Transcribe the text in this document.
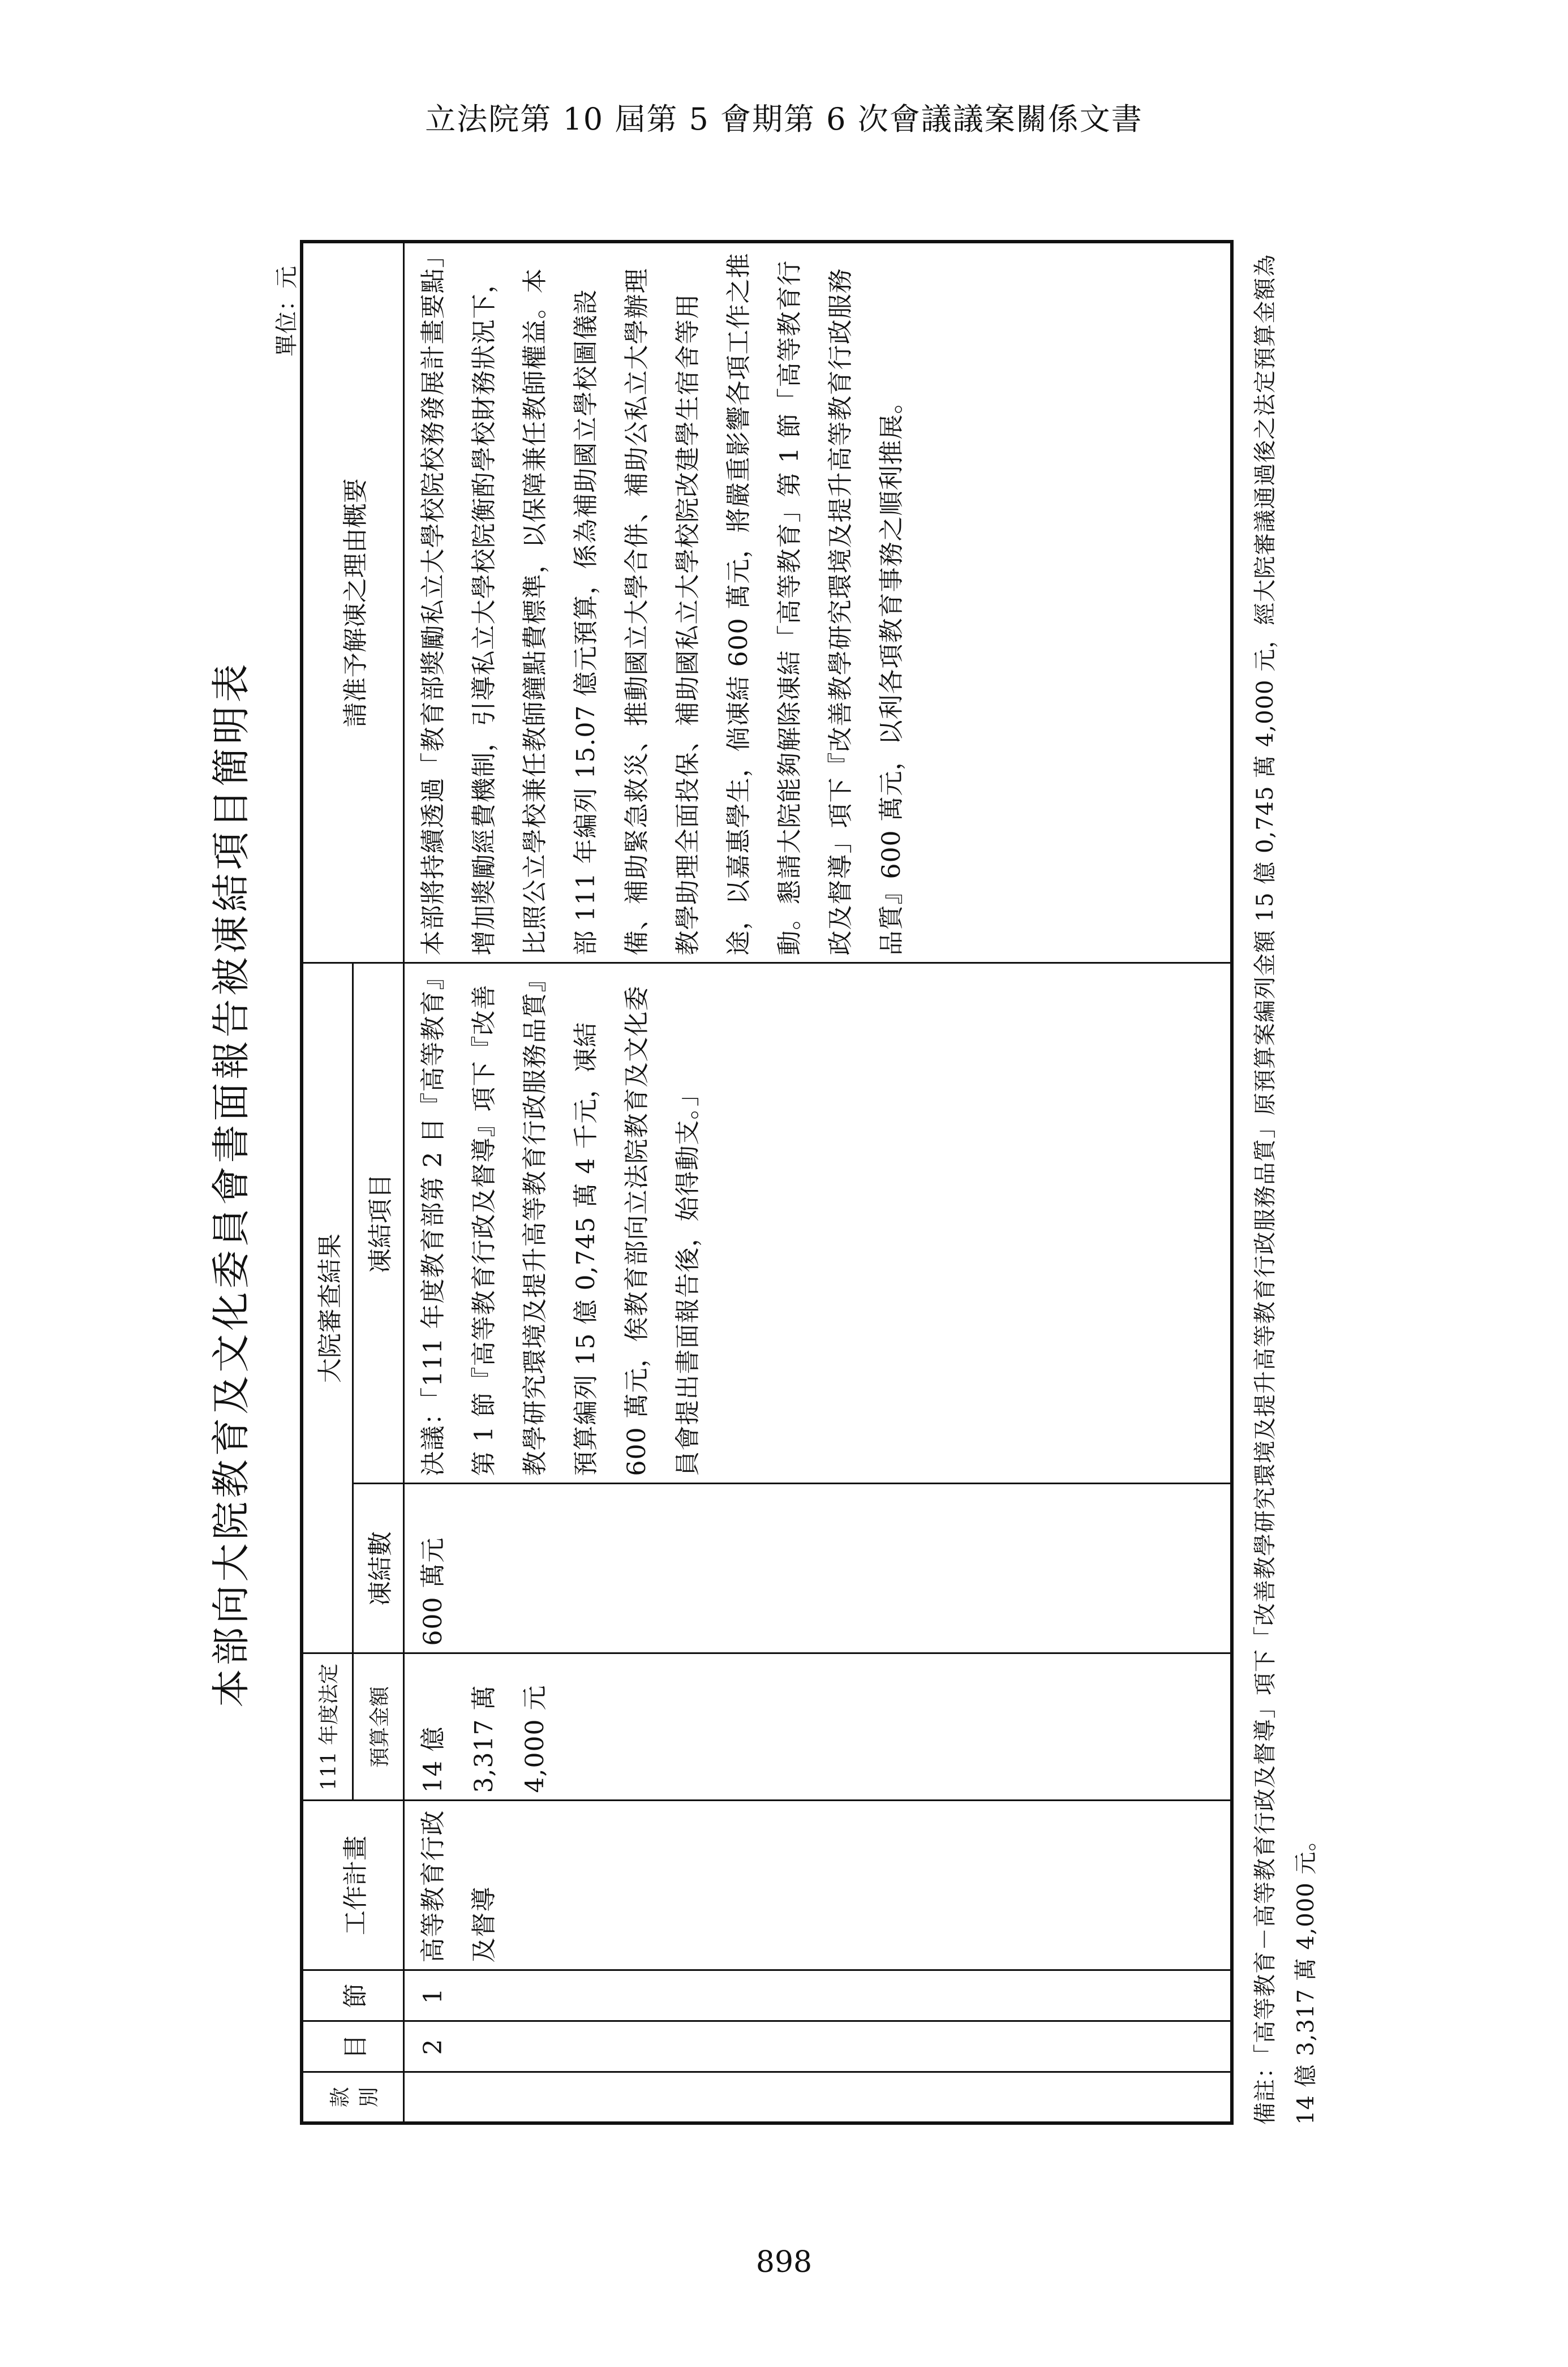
立法院第 10 屆第 5 會期第 6 次會議議案關係文書
本部向大院教育及文化委員會書面報告被凍結項目簡明表
單位：元
款別	目	節	工作計畫	111 年度法定	大院審查結果		請准予解凍之理由概要
				預算金額	凍結數	凍結項目	
	2	1	高等教育行政及督導	14 億 3,317 萬 4,000 元	600 萬元	決議：「111 年度教育部第 2 目『高等教育』第 1 節『高等教育行政及督導』項下『改善教學研究環境及提升高等教育行政服務品質』預算編列 15 億 0,745 萬 4 千元，凍結 600 萬元，俟教育部向立法院教育及文化委員會提出書面報告後，始得動支。」	本部將持續透過「教育部獎勵私立大學校院校務發展計畫要點」增加獎勵經費機制，引導私立大學校院衡酌學校財務狀況下，比照公立學校兼任教師鐘點費標準，以保障兼任教師權益。本部 111 年編列 15.07 億元預算，係為補助國立學校圖儀設備、補助緊急救災、推動國立大學合併、補助公私立大學辦理教學助理全面投保、補助國私立大學校院改建學生宿舍等用途，以嘉惠學生，倘凍結 600 萬元，將嚴重影響各項工作之推動。懇請大院能夠解除凍結「高等教育」第 1 節「高等教育行政及督導」項下『改善教學研究環境及提升高等教育行政服務品質』600 萬元，以利各項教育事務之順利推展。	備註：「高等教育－高等教育行政及督導」項下「改善教學研究環境及提升高等教育行政服務品質」原預算案編列金額 15 億 0,745 萬 4,000 元，經大院審議通過後之法定預算金額為 14 億 3,317 萬 4,000 元。
898
